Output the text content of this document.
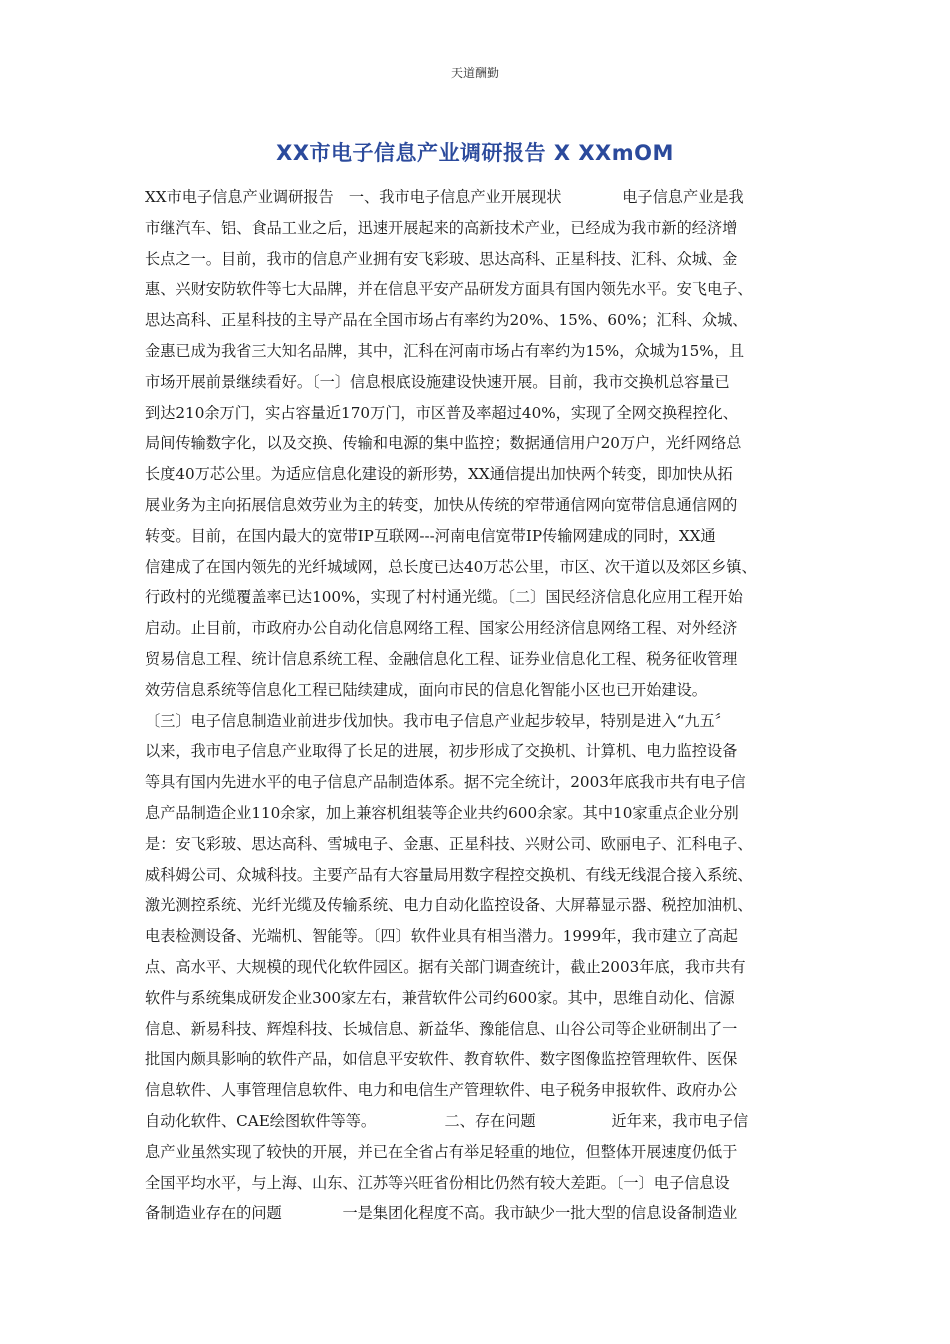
天道酬勤
XX市电子信息产业调研报告 X XXmOM
XX市电子信息产业调研报告　一、我市电子信息产业开展现状　　　　电子信息产业是我
市继汽车、铝、食品工业之后，迅速开展起来的高新技术产业，已经成为我市新的经济增
长点之一。目前，我市的信息产业拥有安飞彩玻、思达高科、正星科技、汇科、众城、金
惠、兴财安防软件等七大品牌，并在信息平安产品研发方面具有国内领先水平。安飞电子、
思达高科、正星科技的主导产品在全国市场占有率约为20%、15%、60%；汇科、众城、
金惠已成为我省三大知名品牌，其中，汇科在河南市场占有率约为15%，众城为15%，且
市场开展前景继续看好。〔一〕信息根底设施建设快速开展。目前，我市交换机总容量已
到达210余万门，实占容量近170万门，市区普及率超过40%，实现了全网交换程控化、
局间传输数字化，以及交换、传输和电源的集中监控；数据通信用户20万户，光纤网络总
长度40万芯公里。为适应信息化建设的新形势，XX通信提出加快两个转变，即加快从拓
展业务为主向拓展信息效劳业为主的转变，加快从传统的窄带通信网向宽带信息通信网的
转变。目前，在国内最大的宽带IP互联网---河南电信宽带IP传输网建成的同时，XX通
信建成了在国内领先的光纤城域网，总长度已达40万芯公里，市区、次干道以及郊区乡镇、
行政村的光缆覆盖率已达100%，实现了村村通光缆。〔二〕国民经济信息化应用工程开始
启动。止目前，市政府办公自动化信息网络工程、国家公用经济信息网络工程、对外经济
贸易信息工程、统计信息系统工程、金融信息化工程、证券业信息化工程、税务征收管理
效劳信息系统等信息化工程已陆续建成，面向市民的信息化智能小区也已开始建设。
〔三〕电子信息制造业前进步伐加快。我市电子信息产业起步较早，特别是进入“九五〞
以来，我市电子信息产业取得了长足的进展，初步形成了交换机、计算机、电力监控设备
等具有国内先进水平的电子信息产品制造体系。据不完全统计，2003年底我市共有电子信
息产品制造企业110余家，加上兼容机组装等企业共约600余家。其中10家重点企业分别
是：安飞彩玻、思达高科、雪城电子、金惠、正星科技、兴财公司、欧丽电子、汇科电子、
威科姆公司、众城科技。主要产品有大容量局用数字程控交换机、有线无线混合接入系统、
激光测控系统、光纤光缆及传输系统、电力自动化监控设备、大屏幕显示器、税控加油机、
电表检测设备、光端机、智能等。〔四〕软件业具有相当潜力。1999年，我市建立了高起
点、高水平、大规模的现代化软件园区。据有关部门调查统计，截止2003年底，我市共有
软件与系统集成研发企业300家左右，兼营软件公司约600家。其中，思维自动化、信源
信息、新易科技、辉煌科技、长城信息、新益华、豫能信息、山谷公司等企业研制出了一
批国内颇具影响的软件产品，如信息平安软件、教育软件、数字图像监控管理软件、医保
信息软件、人事管理信息软件、电力和电信生产管理软件、电子税务申报软件、政府办公
自动化软件、CAE绘图软件等等。　　　　　二、存在问题　　　　　近年来，我市电子信
息产业虽然实现了较快的开展，并已在全省占有举足轻重的地位，但整体开展速度仍低于
全国平均水平，与上海、山东、江苏等兴旺省份相比仍然有较大差距。〔一〕电子信息设
备制造业存在的问题　　　　一是集团化程度不高。我市缺少一批大型的信息设备制造业
